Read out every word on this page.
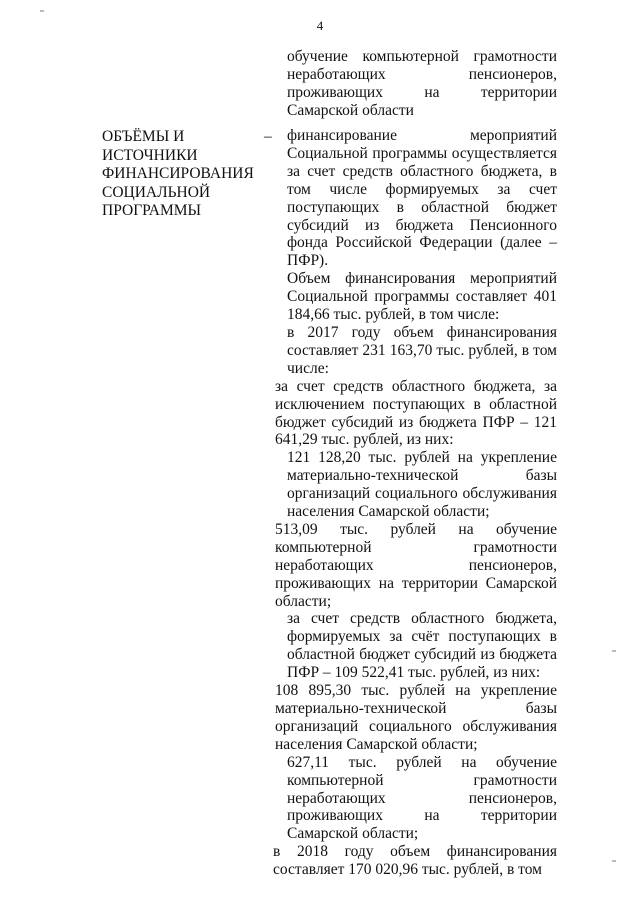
4
обучение компьютерной грамотности неработающих пенсионеров, проживающих на территории Самарской области
ОБЪЁМЫ И
ИСТОЧНИКИ
ФИНАНСИРОВАНИЯ
СОЦИАЛЬНОЙ
ПРОГРАММЫ
– финансирование мероприятий Социальной программы осуществляется за счет средств областного бюджета, в том числе формируемых за счет поступающих в областной бюджет субсидий из бюджета Пенсионного фонда Российской Федерации (далее – ПФР).

Объем финансирования мероприятий Социальной программы составляет 401 184,66 тыс. рублей, в том числе:

в 2017 году объем финансирования составляет 231 163,70 тыс. рублей, в том числе:

за счет средств областного бюджета, за исключением поступающих в областной бюджет субсидий из бюджета ПФР – 121 641,29 тыс. рублей, из них:

121 128,20 тыс. рублей на укрепление материально-технической базы организаций социального обслуживания населения Самарской области;

513,09 тыс. рублей на обучение компьютерной грамотности неработающих пенсионеров, проживающих на территории Самарской области;

за счет средств областного бюджета, формируемых за счёт поступающих в областной бюджет субсидий из бюджета ПФР – 109 522,41 тыс. рублей, из них:

108 895,30 тыс. рублей на укрепление материально-технической базы организаций социального обслуживания населения Самарской области;

627,11 тыс. рублей на обучение компьютерной грамотности неработающих пенсионеров, проживающих на территории Самарской области;

в 2018 году объем финансирования составляет 170 020,96 тыс. рублей, в том
